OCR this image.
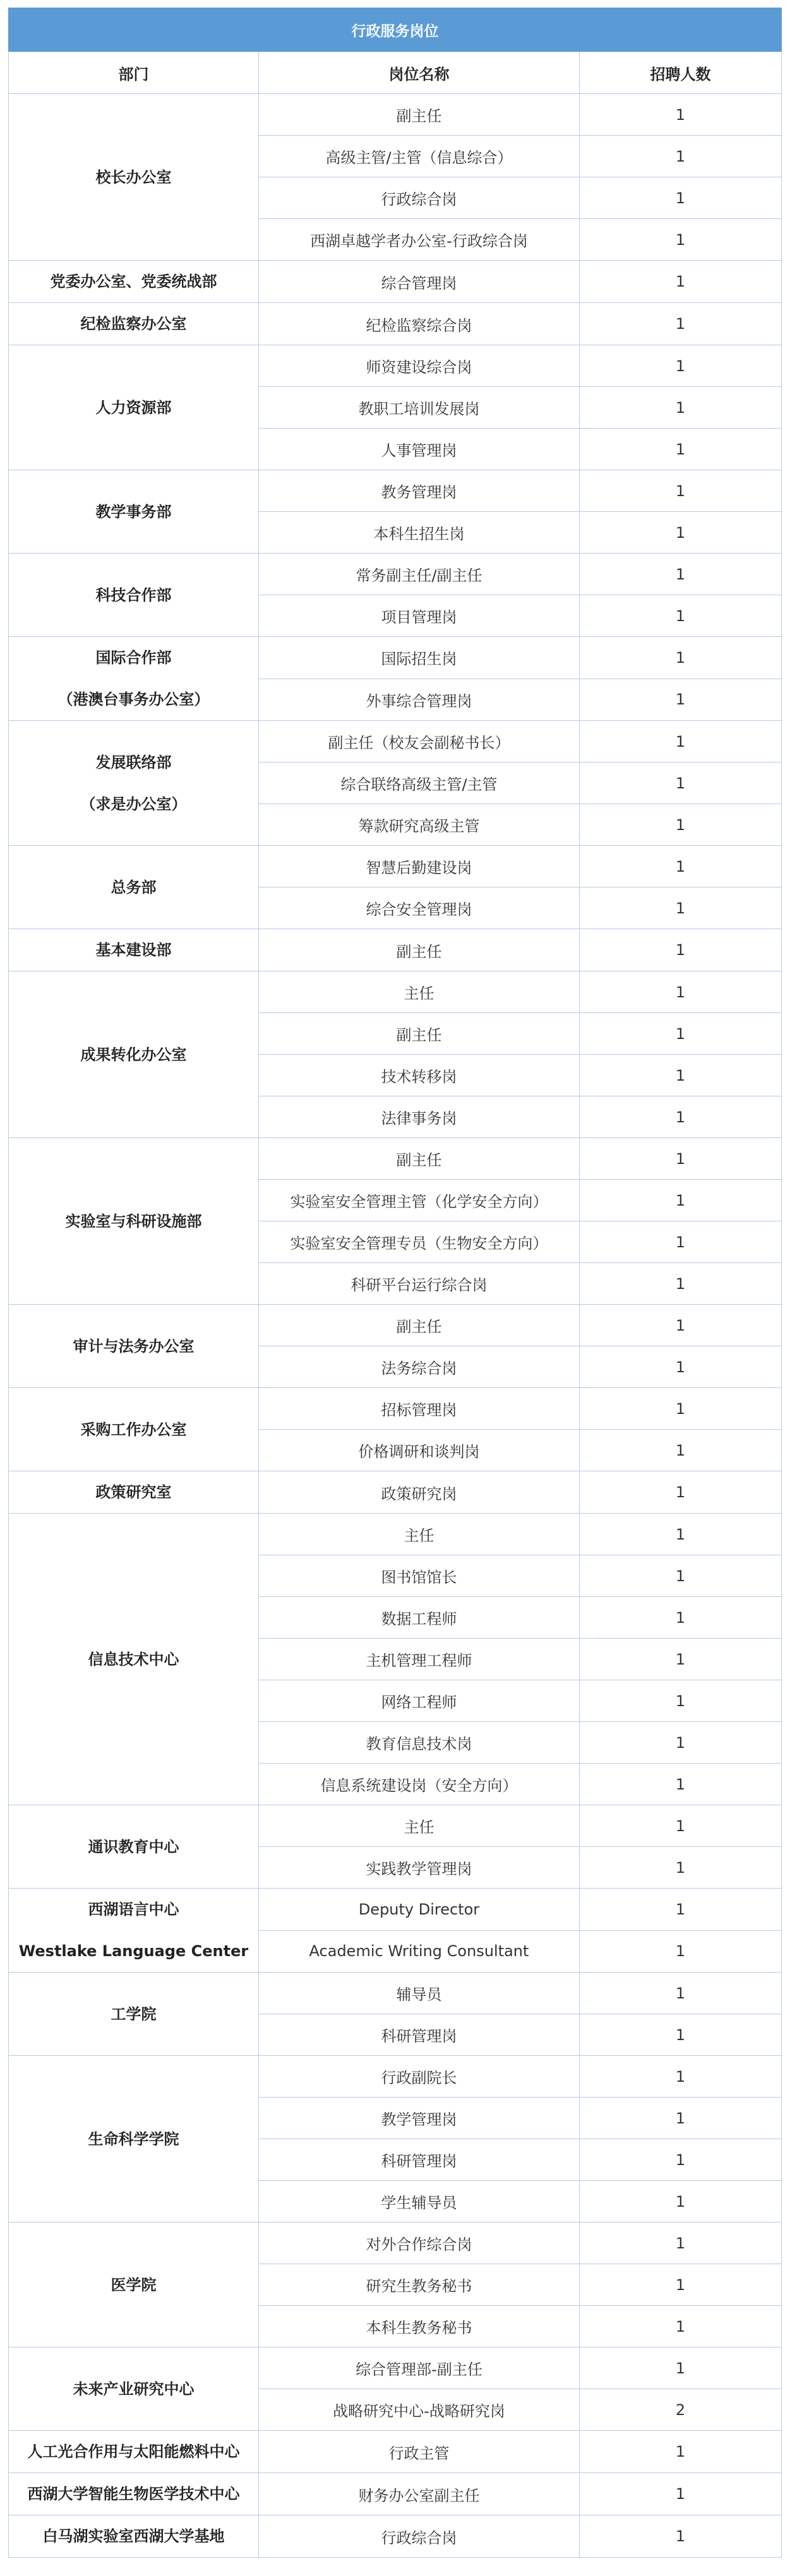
行政服务岗位		
部门	岗位名称	招聘人数

校长办公室	副主任	1
	高级主管/主管（信息综合）	1
	行政综合岗	1
	西湖卓越学者办公室-行政综合岗	1

党委办公室、党委统战部	综合管理岗	1

纪检监察办公室	纪检监察综合岗	1

人力资源部	师资建设综合岗	1
	教职工培训发展岗	1
	人事管理岗	1

教学事务部	教务管理岗	1
	本科生招生岗	1

科技合作部	常务副主任/副主任	1
	项目管理岗	1

国际合作部
（港澳台事务办公室）	国际招生岗	1
	外事综合管理岗	1

发展联络部
（求是办公室）	副主任（校友会副秘书长）	1
	综合联络高级主管/主管	1
	筹款研究高级主管	1

总务部	智慧后勤建设岗	1
	综合安全管理岗	1

基本建设部	副主任	1

成果转化办公室	主任	1
	副主任	1
	技术转移岗	1
	法律事务岗	1

实验室与科研设施部	副主任	1
	实验室安全管理主管（化学安全方向）	1
	实验室安全管理专员（生物安全方向）	1
	科研平台运行综合岗	1

审计与法务办公室	副主任	1
	法务综合岗	1

采购工作办公室	招标管理岗	1
	价格调研和谈判岗	1

政策研究室	政策研究岗	1

信息技术中心	主任	1
	图书馆馆长	1
	数据工程师	1
	主机管理工程师	1
	网络工程师	1
	教育信息技术岗	1
	信息系统建设岗（安全方向）	1

通识教育中心	主任	1
	实践教学管理岗	1

西湖语言中心
Westlake Language Center	Deputy Director	1
	Academic Writing Consultant	1

工学院	辅导员	1
	科研管理岗	1

生命科学学院	行政副院长	1
	教学管理岗	1
	科研管理岗	1
	学生辅导员	1

医学院	对外合作综合岗	1
	研究生教务秘书	1
	本科生教务秘书	1

未来产业研究中心	综合管理部-副主任	1
	战略研究中心-战略研究岗	2

人工光合作用与太阳能燃料中心	行政主管	1

西湖大学智能生物医学技术中心	财务办公室副主任	1

白马湖实验室西湖大学基地	行政综合岗	1
